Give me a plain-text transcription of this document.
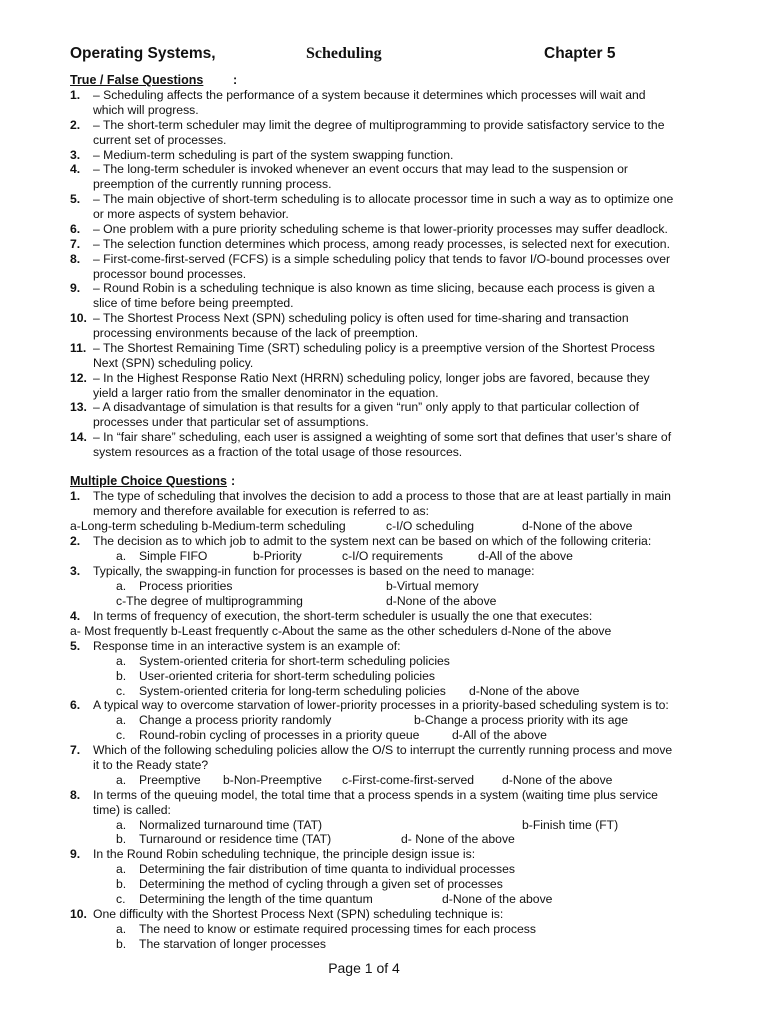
Operating Systems,	Scheduling	Chapter 5
True / False Questions :
1. – Scheduling affects the performance of a system because it determines which processes will wait and
which will progress.
2. – The short-term scheduler may limit the degree of multiprogramming to provide satisfactory service to the
current set of processes.
3. – Medium-term scheduling is part of the system swapping function.
4. – The long-term scheduler is invoked whenever an event occurs that may lead to the suspension or
preemption of the currently running process.
5. – The main objective of short-term scheduling is to allocate processor time in such a way as to optimize one
or more aspects of system behavior.
6. – One problem with a pure priority scheduling scheme is that lower-priority processes may suffer deadlock.
7. – The selection function determines which process, among ready processes, is selected next for execution.
8. – First-come-first-served (FCFS) is a simple scheduling policy that tends to favor I/O-bound processes over
processor bound processes.
9. – Round Robin is a scheduling technique is also known as time slicing, because each process is given a
slice of time before being preempted.
10. – The Shortest Process Next (SPN) scheduling policy is often used for time-sharing and transaction
processing environments because of the lack of preemption.
11. – The Shortest Remaining Time (SRT) scheduling policy is a preemptive version of the Shortest Process
Next (SPN) scheduling policy.
12. – In the Highest Response Ratio Next (HRRN) scheduling policy, longer jobs are favored, because they
yield a larger ratio from the smaller denominator in the equation.
13. – A disadvantage of simulation is that results for a given “run” only apply to that particular collection of
processes under that particular set of assumptions.
14. – In “fair share” scheduling, each user is assigned a weighting of some sort that defines that user’s share of
system resources as a fraction of the total usage of those resources.
Multiple Choice Questions :
1. The type of scheduling that involves the decision to add a process to those that are at least partially in main
memory and therefore available for execution is referred to as:
a-Long-term scheduling b-Medium-term scheduling	c-I/O scheduling	d-None of the above
2. The decision as to which job to admit to the system next can be based on which of the following criteria:
a. Simple FIFO	b-Priority	c-I/O requirements	d-All of the above
3. Typically, the swapping-in function for processes is based on the need to manage:
a. Process priorities	b-Virtual memory
c-The degree of multiprogramming	d-None of the above
4. In terms of frequency of execution, the short-term scheduler is usually the one that executes:
a- Most frequently b-Least frequently c-About the same as the other schedulers d-None of the above
5. Response time in an interactive system is an example of:
a. System-oriented criteria for short-term scheduling policies
b. User-oriented criteria for short-term scheduling policies
c. System-oriented criteria for long-term scheduling policies d-None of the above
6. A typical way to overcome starvation of lower-priority processes in a priority-based scheduling system is to:
a. Change a process priority randomly	b-Change a process priority with its age
c. Round-robin cycling of processes in a priority queue	d-All of the above
7. Which of the following scheduling policies allow the O/S to interrupt the currently running process and move
it to the Ready state?
a. Preemptive b-Non-Preemptive c-First-come-first-served d-None of the above
8. In terms of the queuing model, the total time that a process spends in a system (waiting time plus service
time) is called:
a. Normalized turnaround time (TAT)	b-Finish time (FT)
b. Turnaround or residence time (TAT)	d- None of the above
9. In the Round Robin scheduling technique, the principle design issue is:
a. Determining the fair distribution of time quanta to individual processes
b. Determining the method of cycling through a given set of processes
c. Determining the length of the time quantum	d-None of the above
10. One difficulty with the Shortest Process Next (SPN) scheduling technique is:
a. The need to know or estimate required processing times for each process
b. The starvation of longer processes
Page 1 of 4
